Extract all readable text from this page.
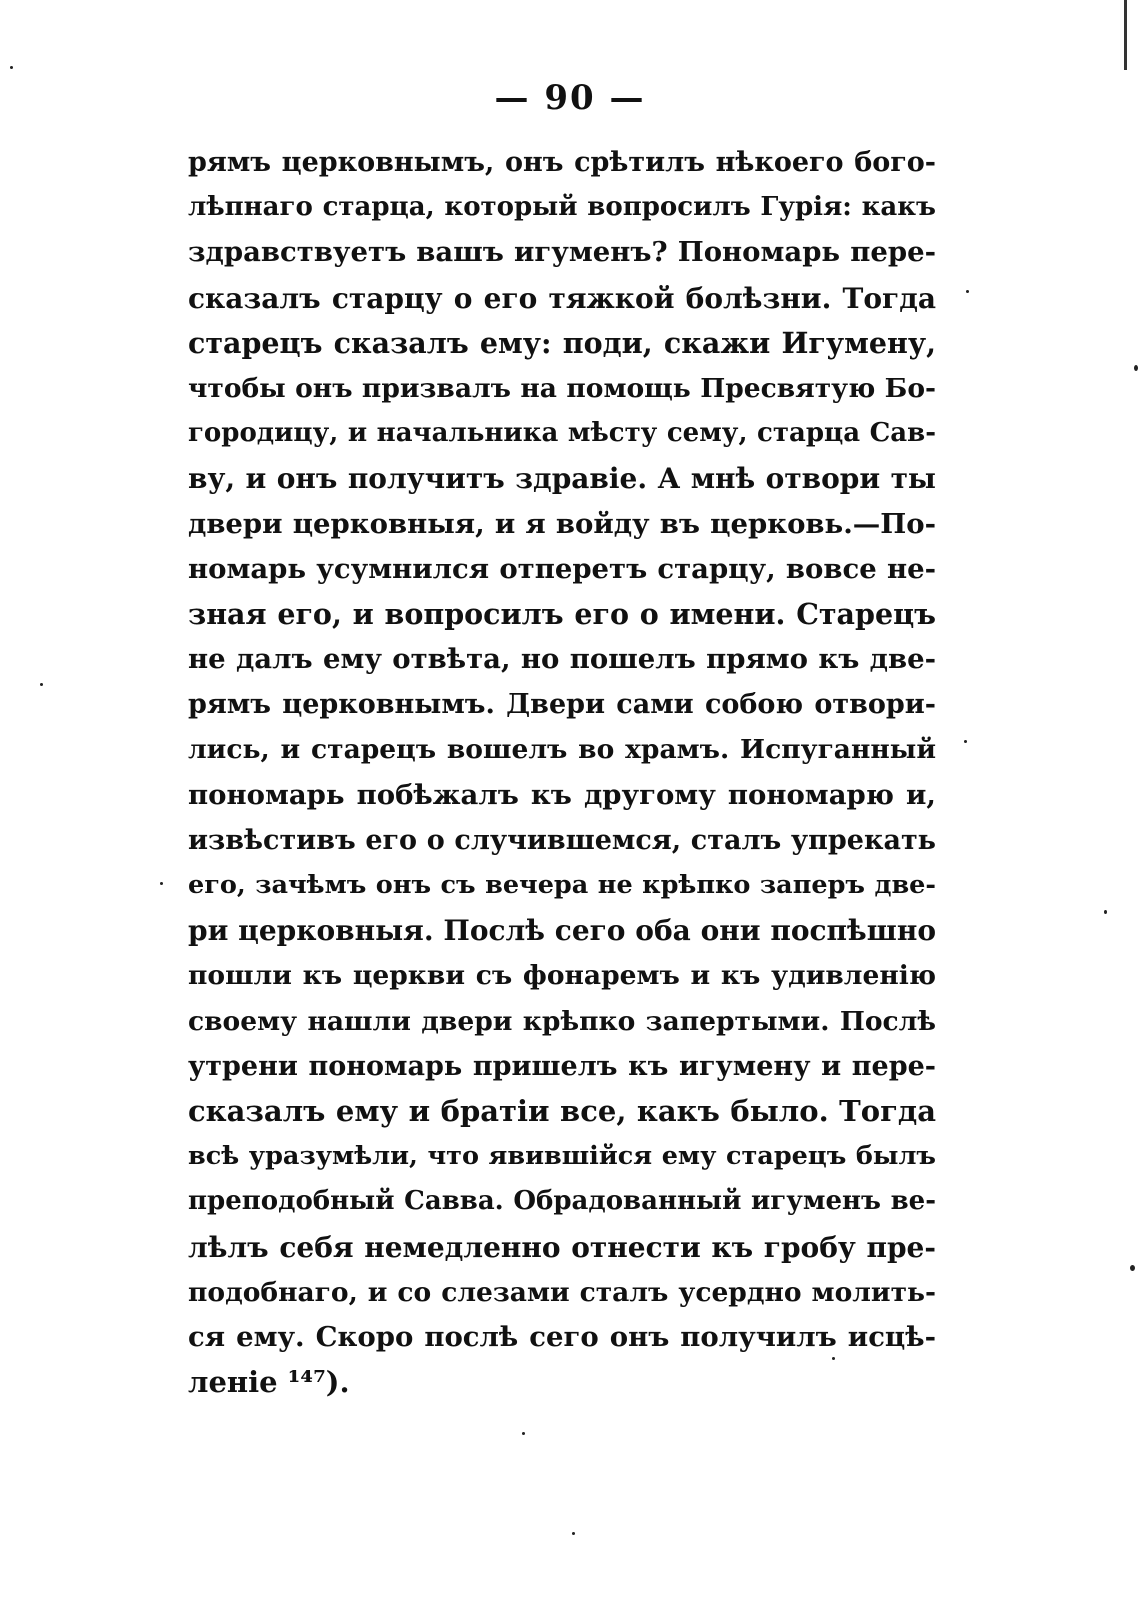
— 90 —
рямъ церковнымъ, онъ срѣтилъ нѣкоего бого-
лѣпнаго старца, который вопросилъ Гурія: какъ
здравствуетъ вашъ игуменъ? Пономарь пере-
сказалъ старцу о его тяжкой болѣзни. Тогда
старецъ сказалъ ему: поди, скажи Игумену,
чтобы онъ призвалъ на помощь Пресвятую Бо-
городицу, и начальника мѣсту сему, старца Сав-
ву, и онъ получитъ здравіе. А мнѣ отвори ты
двери церковныя, и я войду въ церковь.—По-
номарь усумнился отперетъ старцу, вовсе не-
зная его, и вопросилъ его о имени. Старецъ
не далъ ему отвѣта, но пошелъ прямо къ две-
рямъ церковнымъ. Двери сами собою отвори-
лись, и старецъ вошелъ во храмъ. Испуганный
пономарь побѣжалъ къ другому пономарю и,
извѣстивъ его о случившемся, сталъ упрекать
его, зачѣмъ онъ съ вечера не крѣпко заперъ две-
ри церковныя. Послѣ сего оба они поспѣшно
пошли къ церкви съ фонаремъ и къ удивленію
своему нашли двери крѣпко запертыми. Послѣ
утрени пономарь пришелъ къ игумену и пере-
сказалъ ему и братіи все, какъ было. Тогда
всѣ уразумѣли, что явившійся ему старецъ былъ
преподобный Савва. Обрадованный игуменъ ве-
лѣлъ себя немедленно отнести къ гробу пре-
подобнаго, и со слезами сталъ усердно молить-
ся ему. Скоро послѣ сего онъ получилъ исцѣ-
леніе ¹⁴⁷).
